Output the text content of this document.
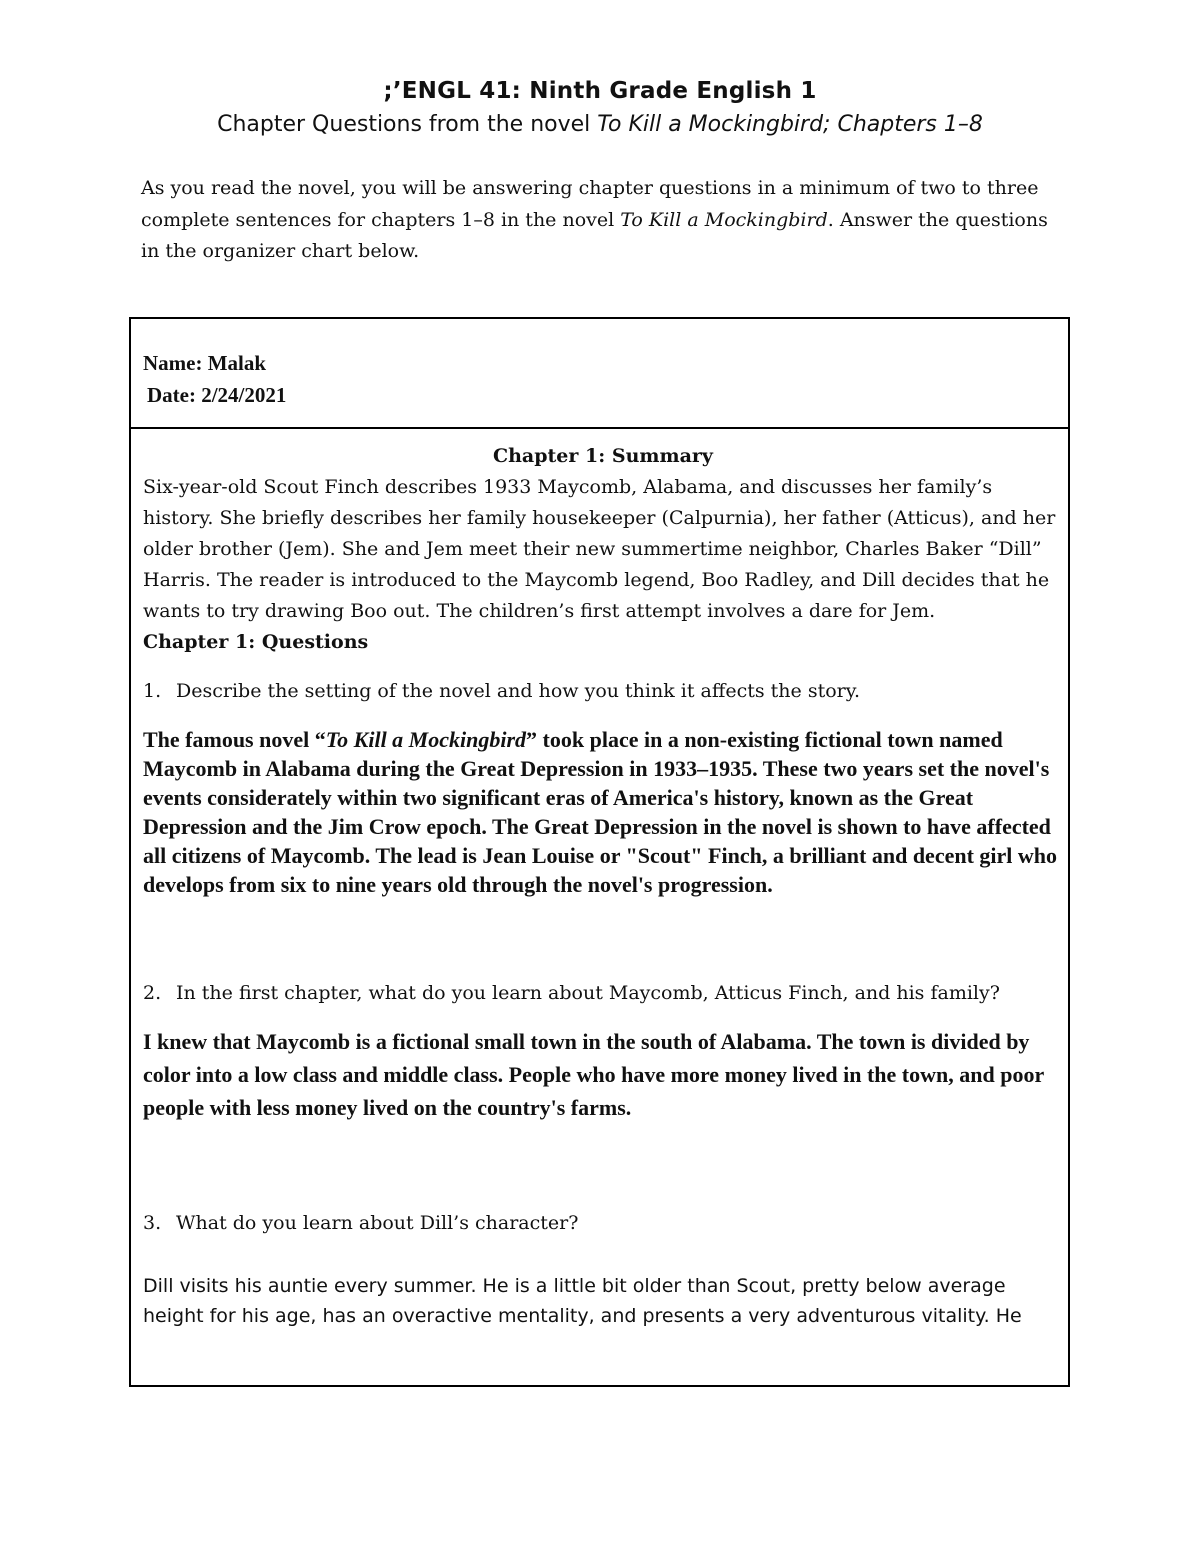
;’ENGL 41: Ninth Grade English 1
Chapter Questions from the novel To Kill a Mockingbird; Chapters 1–8
As you read the novel, you will be answering chapter questions in a minimum of two to three complete sentences for chapters 1–8 in the novel To Kill a Mockingbird. Answer the questions in the organizer chart below.
Name: Malak
Date: 2/24/2021
Chapter 1: Summary
Six-year-old Scout Finch describes 1933 Maycomb, Alabama, and discusses her family’s history. She briefly describes her family housekeeper (Calpurnia), her father (Atticus), and her older brother (Jem). She and Jem meet their new summertime neighbor, Charles Baker “Dill” Harris. The reader is introduced to the Maycomb legend, Boo Radley, and Dill decides that he wants to try drawing Boo out. The children’s first attempt involves a dare for Jem.
Chapter 1: Questions
1. Describe the setting of the novel and how you think it affects the story.
The famous novel “To Kill a Mockingbird” took place in a non-existing fictional town named Maycomb in Alabama during the Great Depression in 1933–1935. These two years set the novel's events considerately within two significant eras of America's history, known as the Great Depression and the Jim Crow epoch. The Great Depression in the novel is shown to have affected all citizens of Maycomb. The lead is Jean Louise or "Scout" Finch, a brilliant and decent girl who develops from six to nine years old through the novel's progression.
2. In the first chapter, what do you learn about Maycomb, Atticus Finch, and his family?
I knew that Maycomb is a fictional small town in the south of Alabama. The town is divided by color into a low class and middle class. People who have more money lived in the town, and poor people with less money lived on the country's farms.
3. What do you learn about Dill’s character?
Dill visits his auntie every summer. He is a little bit older than Scout, pretty below average height for his age, has an overactive mentality, and presents a very adventurous vitality. He
